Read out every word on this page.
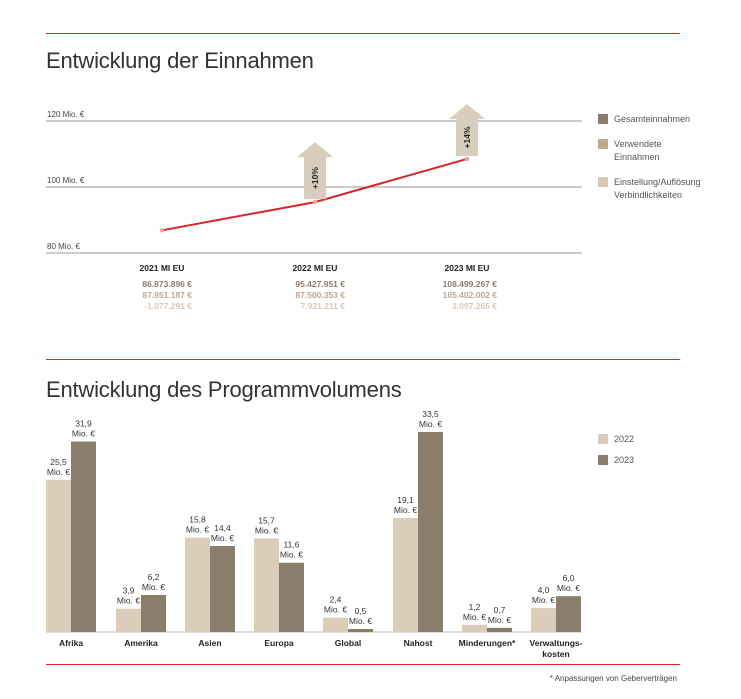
Entwicklung der Einnahmen
120 Mio. €
100 Mio. €
80 Mio. €
+10%
+14%
2021 MI EU
86.873.896 €
87.951.187 €
-1.077.291 €
2022 MI EU
95.427.951 €
87.500.353 €
7.921.211 €
2023 MI EU
108.499.267 €
105.402.002 €
3.097.265 €
Gesamteinnahmen
Verwendete
Einnahmen
Einstellung/Auflösung
Verbindlichkeiten
Entwicklung des Programmvolumens
25,5
Mio. €
31,9
Mio. €
Afrika
3,9
Mio. €
6,2
Mio. €
Amerika
15,8
Mio. € 14,4
Mio. €
Asien
15,7
Mio. €
11,6
Mio. €
Europa
2,4
Mio. € 0,5
Mio. €
Global
19,1
Mio. €
33,5
Mio. €
Nahost
1,2
Mio. €
0,7
Mio. €
Minderungen*
4,0
Mio. €
6,0
Mio. €
Verwaltungs-
kosten
2022
2023
* Anpassungen von Geberverträgen
